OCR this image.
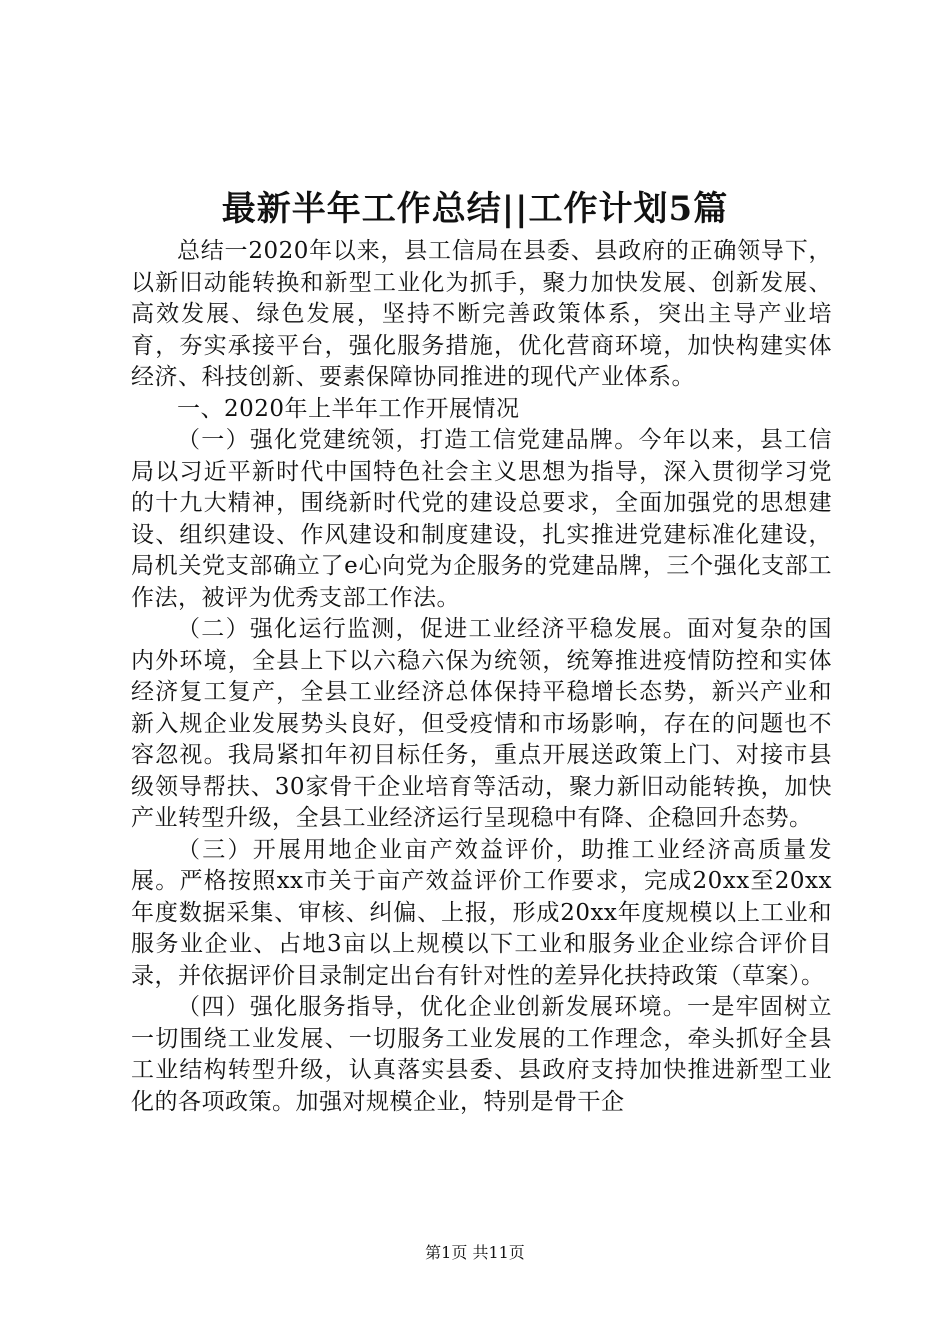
最新半年工作总结||工作计划5篇

总结一2020年以来，县工信局在县委、县政府的正确领导下，以新旧动能转换和新型工业化为抓手，聚力加快发展、创新发展、高效发展、绿色发展，坚持不断完善政策体系，突出主导产业培育，夯实承接平台，强化服务措施，优化营商环境，加快构建实体经济、科技创新、要素保障协同推进的现代产业体系。

一、2020年上半年工作开展情况

（一）强化党建统领，打造工信党建品牌。今年以来，县工信局以习近平新时代中国特色社会主义思想为指导，深入贯彻学习党的十九大精神，围绕新时代党的建设总要求，全面加强党的思想建设、组织建设、作风建设和制度建设，扎实推进党建标准化建设，局机关党支部确立了e心向党为企服务的党建品牌，三个强化支部工作法，被评为优秀支部工作法。

（二）强化运行监测，促进工业经济平稳发展。面对复杂的国内外环境，全县上下以六稳六保为统领，统筹推进疫情防控和实体经济复工复产，全县工业经济总体保持平稳增长态势，新兴产业和新入规企业发展势头良好，但受疫情和市场影响，存在的问题也不容忽视。我局紧扣年初目标任务，重点开展送政策上门、对接市县级领导帮扶、30家骨干企业培育等活动，聚力新旧动能转换，加快产业转型升级，全县工业经济运行呈现稳中有降、企稳回升态势。

（三）开展用地企业亩产效益评价，助推工业经济高质量发展。严格按照xx市关于亩产效益评价工作要求，完成20xx至20xx年度数据采集、审核、纠偏、上报，形成20xx年度规模以上工业和服务业企业、占地3亩以上规模以下工业和服务业企业综合评价目录，并依据评价目录制定出台有针对性的差异化扶持政策（草案）。

（四）强化服务指导，优化企业创新发展环境。一是牢固树立一切围绕工业发展、一切服务工业发展的工作理念，牵头抓好全县工业结构转型升级，认真落实县委、县政府支持加快推进新型工业化的各项政策。加强对规模企业，特别是骨干企

第1页 共11页
